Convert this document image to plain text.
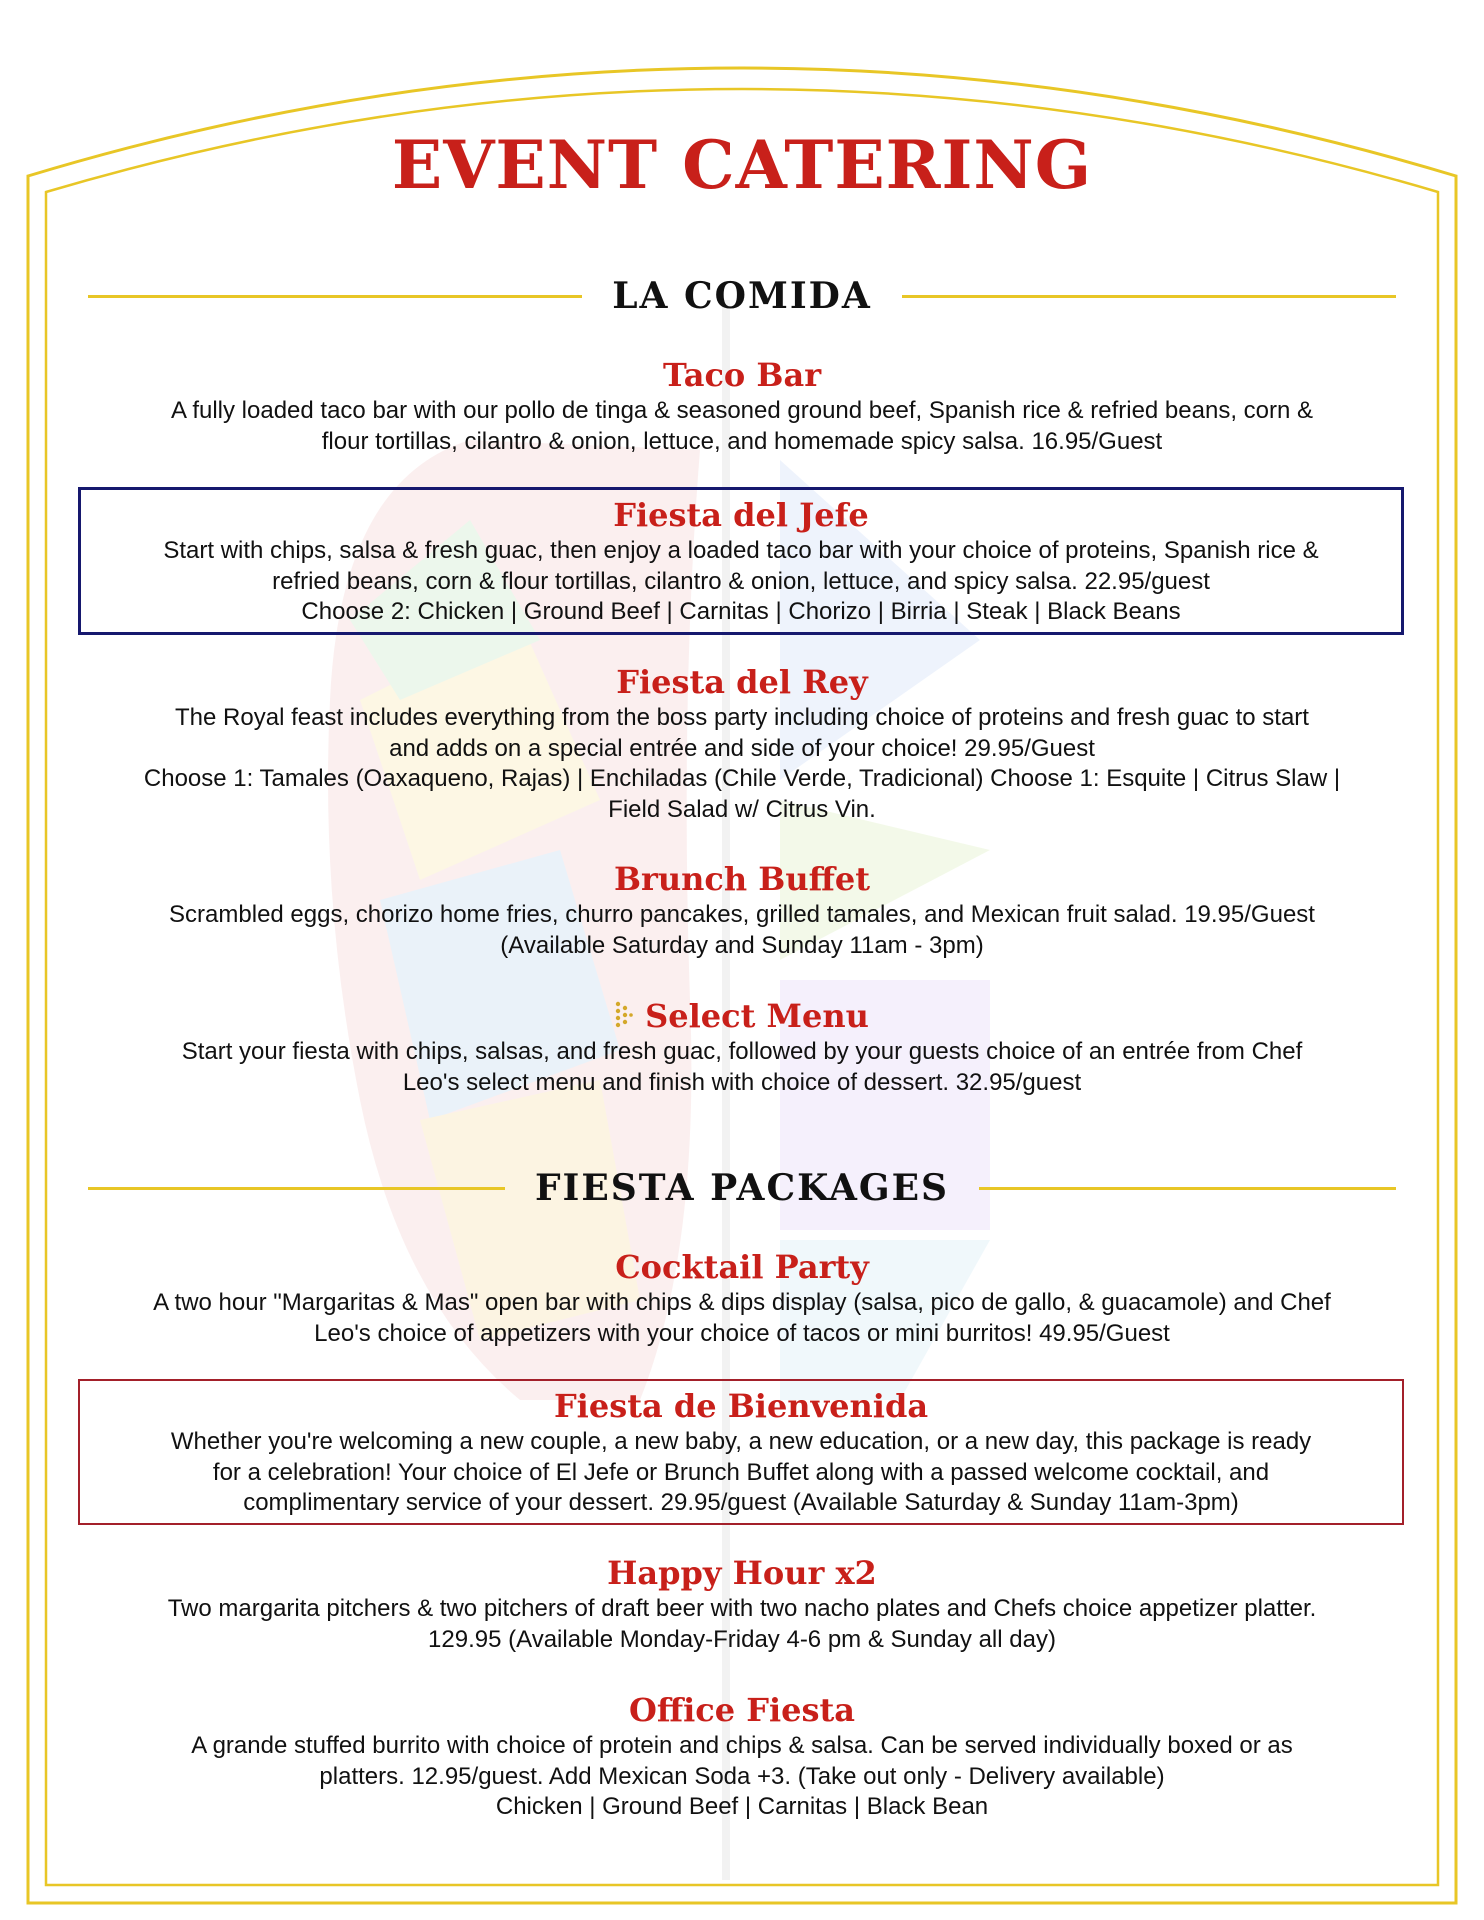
EVENT CATERING
LA COMIDA
Taco Bar
A fully loaded taco bar with our pollo de tinga & seasoned ground beef, Spanish rice & refried beans, corn &
flour tortillas, cilantro & onion, lettuce, and homemade spicy salsa. 16.95/Guest
Fiesta del Jefe
Start with chips, salsa & fresh guac, then enjoy a loaded taco bar with your choice of proteins, Spanish rice &
refried beans, corn & flour tortillas, cilantro & onion, lettuce, and spicy salsa. 22.95/guest
Choose 2: Chicken | Ground Beef | Carnitas | Chorizo | Birria | Steak | Black Beans
Fiesta del Rey
The Royal feast includes everything from the boss party including choice of proteins and fresh guac to start
and adds on a special entrée and side of your choice! 29.95/Guest
Choose 1: Tamales (Oaxaqueno, Rajas) | Enchiladas (Chile Verde, Tradicional) Choose 1: Esquite | Citrus Slaw |
Field Salad w/ Citrus Vin.
Brunch Buffet
Scrambled eggs, chorizo home fries, churro pancakes, grilled tamales, and Mexican fruit salad. 19.95/Guest
(Available Saturday and Sunday 11am - 3pm)
Select Menu
Start your fiesta with chips, salsas, and fresh guac, followed by your guests choice of an entrée from Chef
Leo's select menu and finish with choice of dessert. 32.95/guest
FIESTA PACKAGES
Cocktail Party
A two hour "Margaritas & Mas" open bar with chips & dips display (salsa, pico de gallo, & guacamole) and Chef
Leo's choice of appetizers with your choice of tacos or mini burritos! 49.95/Guest
Fiesta de Bienvenida
Whether you're welcoming a new couple, a new baby, a new education, or a new day, this package is ready
for a celebration! Your choice of El Jefe or Brunch Buffet along with a passed welcome cocktail, and
complimentary service of your dessert. 29.95/guest (Available Saturday & Sunday 11am-3pm)
Happy Hour x2
Two margarita pitchers & two pitchers of draft beer with two nacho plates and Chefs choice appetizer platter.
129.95 (Available Monday-Friday 4-6 pm & Sunday all day)
Office Fiesta
A grande stuffed burrito with choice of protein and chips & salsa. Can be served individually boxed or as
platters. 12.95/guest. Add Mexican Soda +3. (Take out only - Delivery available)
Chicken | Ground Beef | Carnitas | Black Bean
